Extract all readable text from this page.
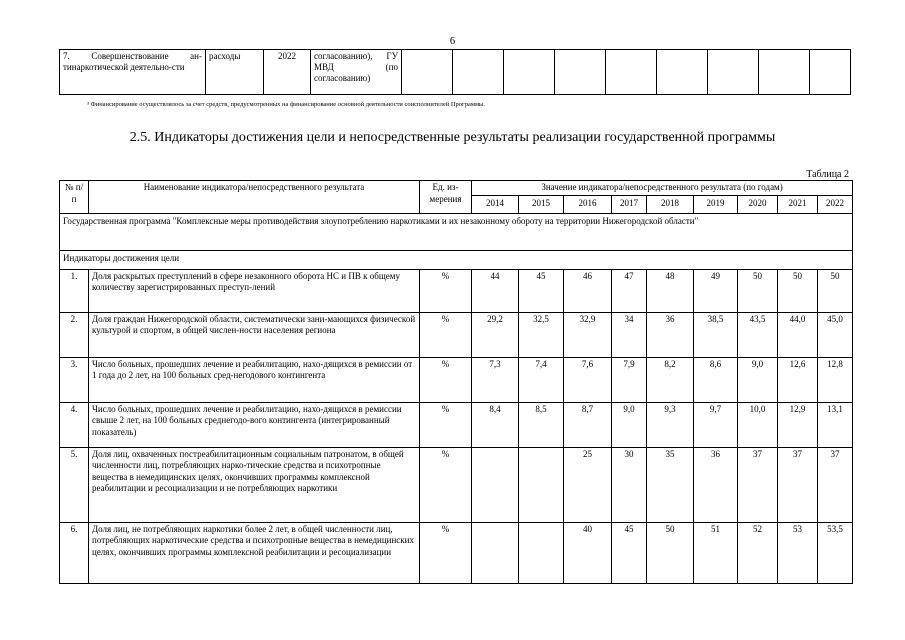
6
7. Совершенствование ан-тинаркотической деятельно-сти	расходы	2022	согласованию), ГУ МВД (по согласованию)									
³ Финансирование осуществлялось за счет средств, предусмотренных на финансирование основной деятельности соисполнителей Программы.
2.5. Индикаторы достижения цели и непосредственные результаты реализации государственной программы
Таблица 2
№ п/п	Наименование индикатора/непосредственного результата	Ед. из-мерения	Значение индикатора/непосредственного результата (по годам)								
			2014	2015	2016	2017	2018	2019	2020	2021	2022
Государственная программа "Комплексные меры противодействия злоупотреблению наркотиками и их незаконному обороту на территории Нижегородской области"											
Индикаторы достижения цели											
1.	Доля раскрытых преступлений в сфере незаконного оборота НС и ПВ к общему количеству зарегистрированных преступ-лений	%	44	45	46	47	48	49	50	50	50
2.	Доля граждан Нижегородской области, систематически зани-мающихся физической культурой и спортом, в общей числен-ности населения региона	%	29,2	32,5	32,9	34	36	38,5	43,5	44,0	45,0
3.	Число больных, прошедших лечение и реабилитацию, нахо-дящихся в ремиссии от 1 года до 2 лет, на 100 больных сред-негодового контингента	%	7,3	7,4	7,6	7,9	8,2	8,6	9,0	12,6	12,8
4.	Число больных, прошедших лечение и реабилитацию, нахо-дящихся в ремиссии свыше 2 лет, на 100 больных среднегодо-вого контингента (интегрированный показатель)	%	8,4	8,5	8,7	9,0	9,3	9,7	10,0	12,9	13,1
5.	Доля лиц, охваченных постреабилитационным социальным патронатом, в общей численности лиц, потребляющих нарко-тические средства и психотропные вещества в немедицинских целях, окончивших программы комплексной реабилитации и ресоциализации и не потребляющих наркотики	%			25	30	35	36	37	37	37
6.	Доля лиц, не потребляющих наркотики более 2 лет, в общей численности лиц, потребляющих наркотические средства и психотропные вещества в немедицинских целях, окончивших программы комплексной реабилитации и ресоциализации	%			40	45	50	51	52	53	53,5
